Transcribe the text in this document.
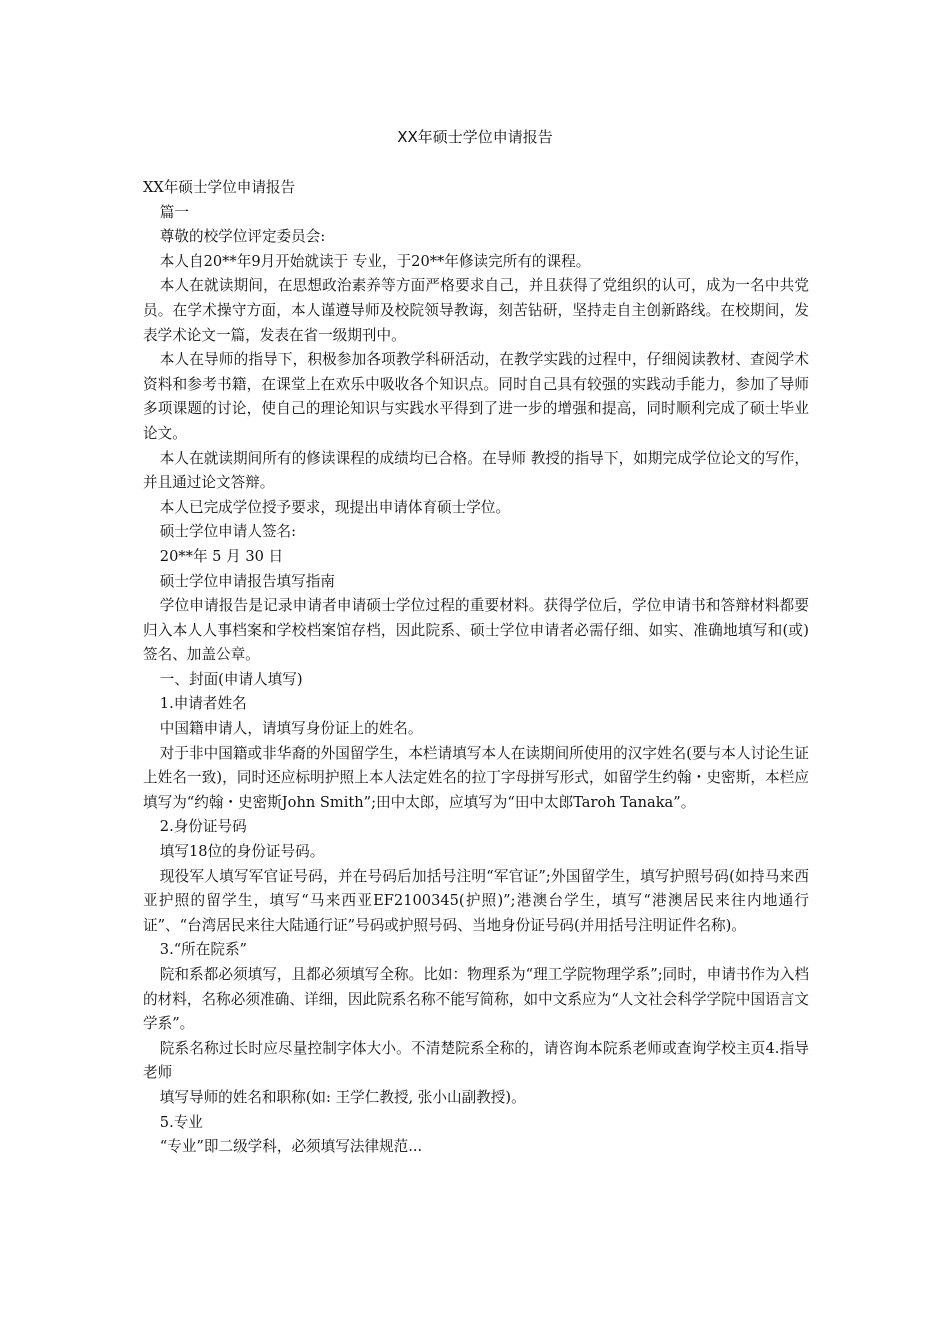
XX年硕士学位申请报告

XX年硕士学位申请报告

篇一

尊敬的校学位评定委员会:

本人自20**年9月开始就读于 专业，于20**年修读完所有的课程。

本人在就读期间，在思想政治素养等方面严格要求自己，并且获得了党组织的认可，成为一名中共党员。在学术操守方面，本人谨遵导师及校院领导教诲，刻苦钻研，坚持走自主创新路线。在校期间，发表学术论文一篇，发表在省一级期刊中。

本人在导师的指导下，积极参加各项教学科研活动，在教学实践的过程中，仔细阅读教材、查阅学术资料和参考书籍，在课堂上在欢乐中吸收各个知识点。同时自己具有较强的实践动手能力，参加了导师多项课题的讨论，使自己的理论知识与实践水平得到了进一步的增强和提高，同时顺利完成了硕士毕业论文。

本人在就读期间所有的修读课程的成绩均已合格。在导师 教授的指导下，如期完成学位论文的写作，并且通过论文答辩。

本人已完成学位授予要求，现提出申请体育硕士学位。

硕士学位申请人签名:

20**年 5 月 30 日

硕士学位申请报告填写指南

学位申请报告是记录申请者申请硕士学位过程的重要材料。获得学位后，学位申请书和答辩材料都要归入本人人事档案和学校档案馆存档，因此院系、硕士学位申请者必需仔细、如实、准确地填写和(或)签名、加盖公章。

一、封面(申请人填写)

1.申请者姓名

中国籍申请人，请填写身份证上的姓名。

对于非中国籍或非华裔的外国留学生，本栏请填写本人在读期间所使用的汉字姓名(要与本人讨论生证上姓名一致)，同时还应标明护照上本人法定姓名的拉丁字母拼写形式，如留学生约翰・史密斯，本栏应填写为“约翰・史密斯John Smith”;田中太郎，应填写为“田中太郎Taroh Tanaka”。

2.身份证号码

填写18位的身份证号码。

现役军人填写军官证号码，并在号码后加括号注明“军官证”;外国留学生，填写护照号码(如持马来西亚护照的留学生，填写“马来西亚EF2100345(护照)”;港澳台学生，填写“港澳居民来往内地通行证”、“台湾居民来往大陆通行证”号码或护照号码、当地身份证号码(并用括号注明证件名称)。

3.“所在院系”

院和系都必须填写，且都必须填写全称。比如：物理系为“理工学院物理学系”;同时，申请书作为入档的材料，名称必须准确、详细，因此院系名称不能写简称，如中文系应为“人文社会科学学院中国语言文学系”。

院系名称过长时应尽量控制字体大小。不清楚院系全称的，请咨询本院系老师或查询学校主页4.指导老师

填写导师的姓名和职称(如: 王学仁教授, 张小山副教授)。

5.专业

“专业”即二级学科，必须填写法律规范...
